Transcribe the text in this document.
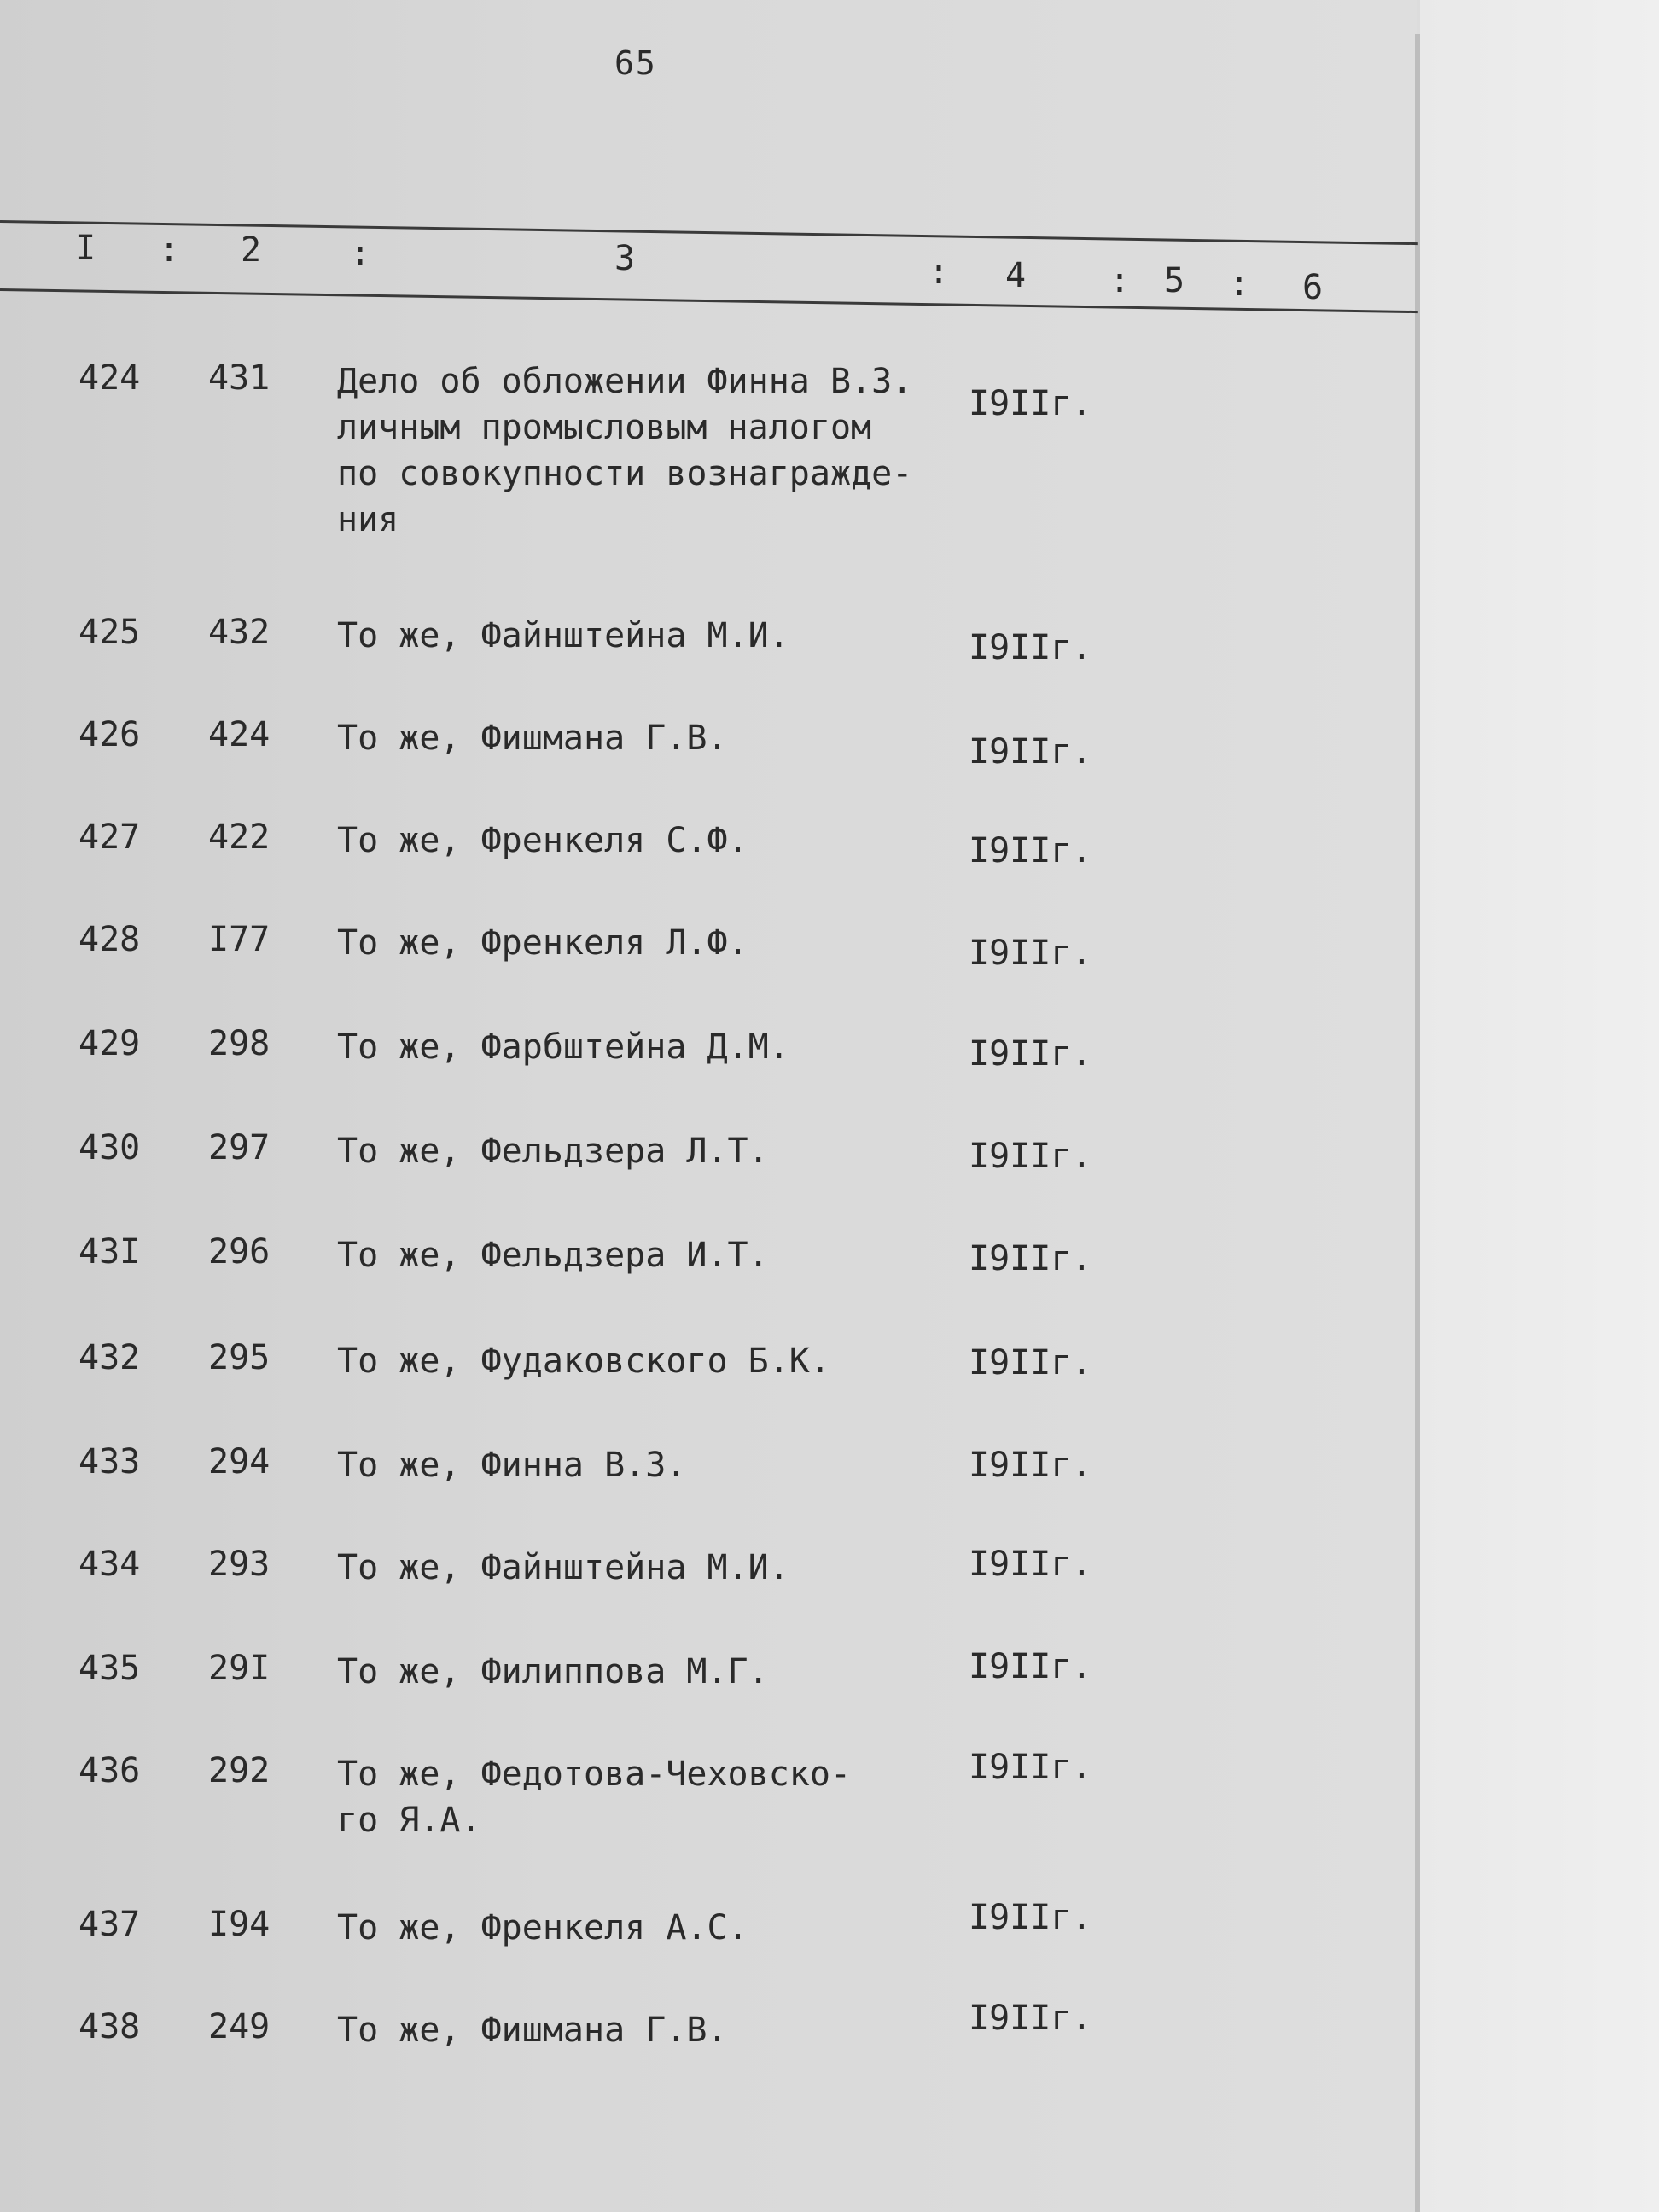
65
I : 2	:	3	: 4 : 5 : 6
424 431 Дело об обложении Финна В.З.
личным промысловым налогом
по совокупности вознагражде-
ния
I9IIг.
425 432 То же, Файнштейна М.И.	I9IIг.
426 424 То же, Фишмана Г.В.	I9IIг.
427 422 То же, Френкеля С.Ф.	I9IIг.
428 I77 То же, Френкеля Л.Ф.	I9IIг.
429 298 То же, Фарбштейна Д.М.	I9IIг.
430 297 То же, Фельдзера Л.Т.	I9IIг.
43I 296 То же, Фельдзера И.Т.	I9IIг.
432 295 То же, Фудаковского Б.К.	I9IIг.
433 294 То же, Финна В.З.	I9IIг.
434 293 То же, Файнштейна М.И.	I9IIг.
435 29I То же, Филиппова М.Г.	I9IIг.
436 292 То же, Федотова-Чеховско-
го Я.А.
I9IIг.
437 I94 То же, Френкеля А.С.	I9IIг.
438 249 То же, Фишмана Г.В.	I9IIг.
